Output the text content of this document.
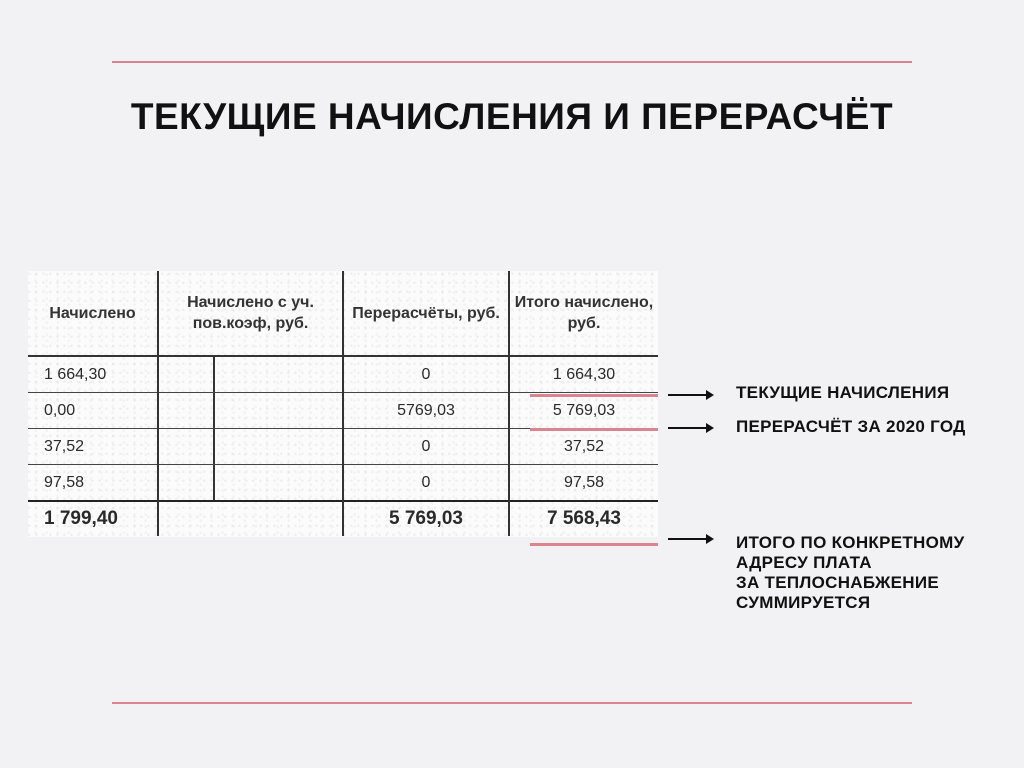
ТЕКУЩИЕ НАЧИСЛЕНИЯ И ПЕРЕРАСЧЁТ
Начислено	Начислено с уч. пов.коэф, руб.	Перерасчёты, руб.	Итого начислено, руб.
1 664,30		0	1 664,30
0,00		5769,03	5 769,03
37,52		0	37,52
97,58		0	97,58
1 799,40		5 769,03	7 568,43
ТЕКУЩИЕ НАЧИСЛЕНИЯ
ПЕРЕРАСЧЁТ ЗА 2020 ГОД
ИТОГО ПО КОНКРЕТНОМУ
АДРЕСУ ПЛАТА
ЗА ТЕПЛОСНАБЖЕНИЕ
СУММИРУЕТСЯ
